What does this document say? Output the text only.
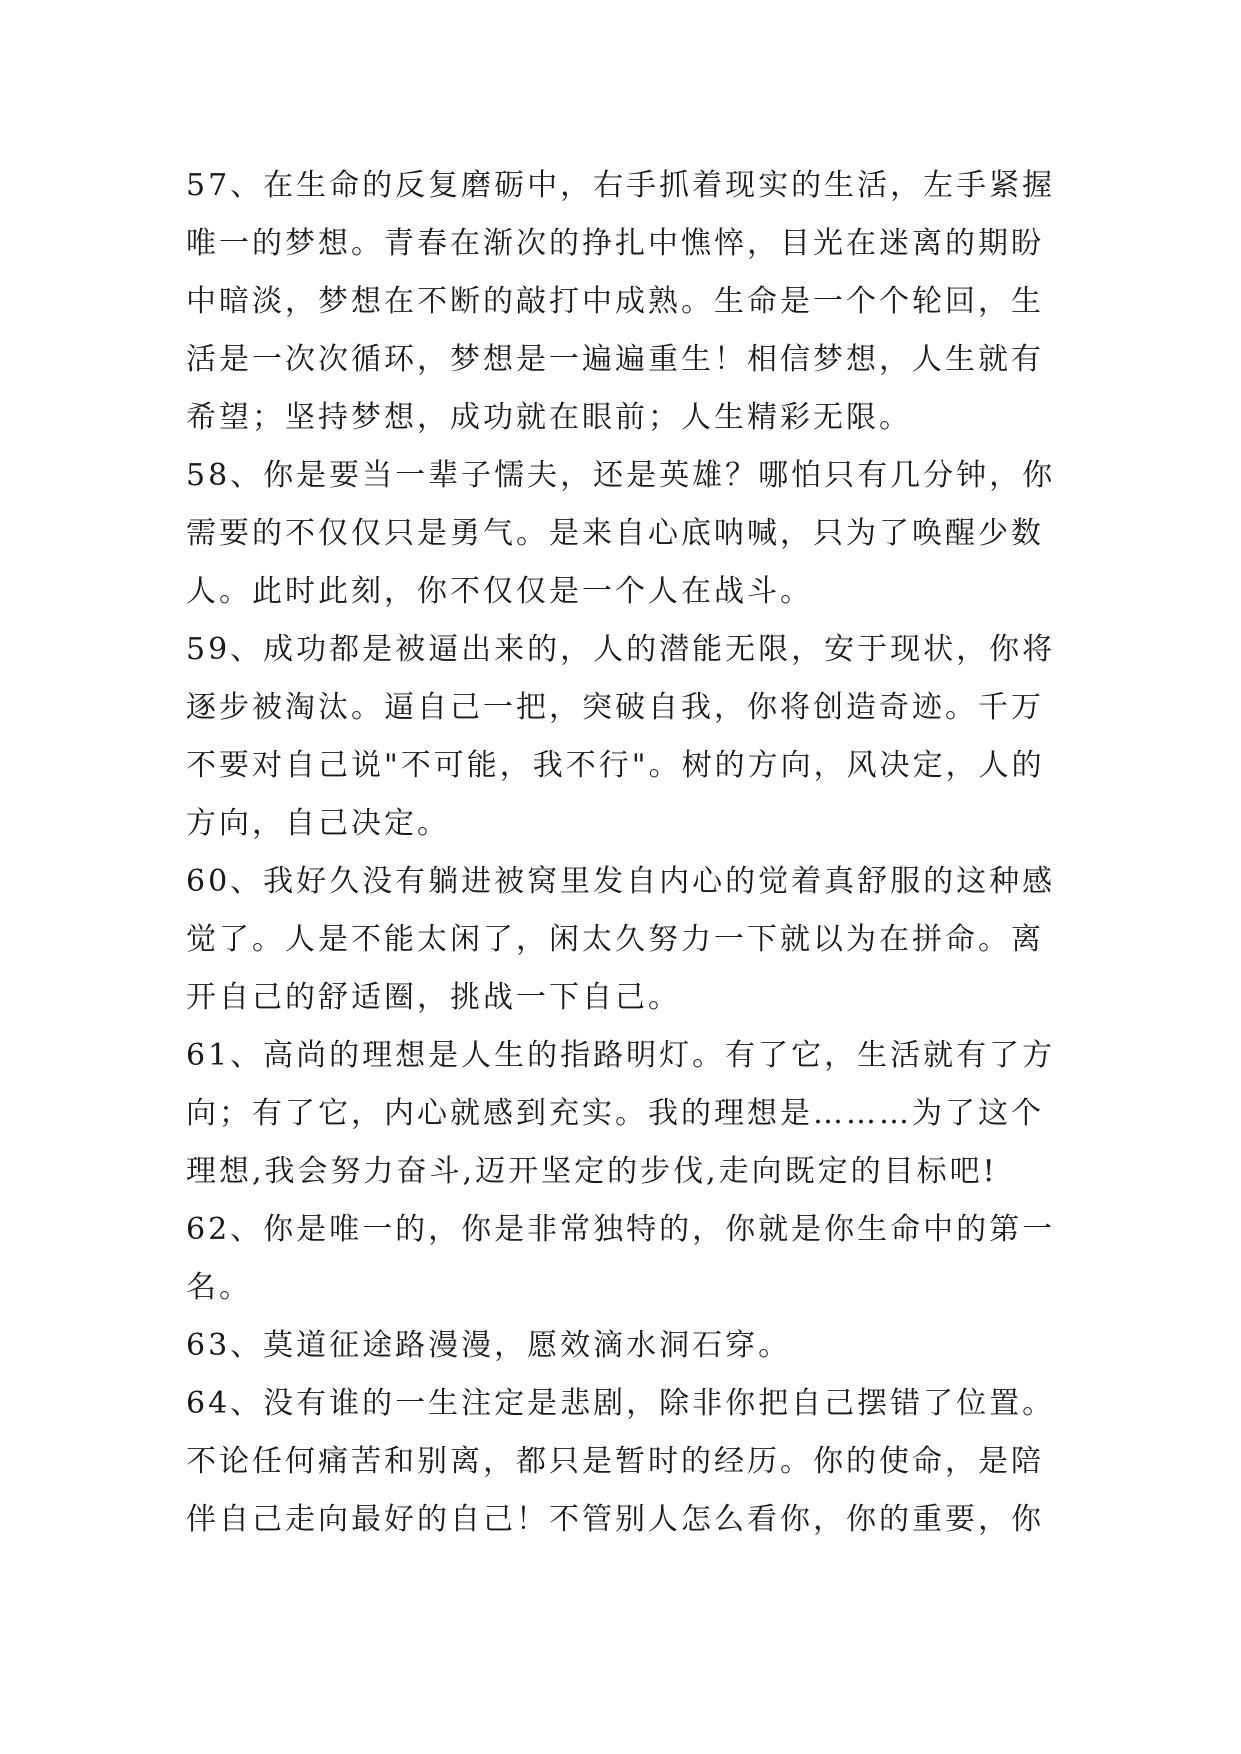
57、在生命的反复磨砺中，右手抓着现实的生活，左手紧握
唯一的梦想。青春在渐次的挣扎中憔悴，目光在迷离的期盼
中暗淡，梦想在不断的敲打中成熟。生命是一个个轮回，生
活是一次次循环，梦想是一遍遍重生！相信梦想，人生就有
希望；坚持梦想，成功就在眼前；人生精彩无限。
58、你是要当一辈子懦夫，还是英雄？哪怕只有几分钟，你
需要的不仅仅只是勇气。是来自心底呐喊，只为了唤醒少数
人。此时此刻，你不仅仅是一个人在战斗。
59、成功都是被逼出来的，人的潜能无限，安于现状，你将
逐步被淘汰。逼自己一把，突破自我，你将创造奇迹。千万
不要对自己说"不可能，我不行"。树的方向，风决定，人的
方向，自己决定。
60、我好久没有躺进被窝里发自内心的觉着真舒服的这种感
觉了。人是不能太闲了，闲太久努力一下就以为在拼命。离
开自己的舒适圈，挑战一下自己。
61、高尚的理想是人生的指路明灯。有了它，生活就有了方
向；有了它，内心就感到充实。我的理想是………为了这个
理想,我会努力奋斗,迈开坚定的步伐,走向既定的目标吧!
62、你是唯一的，你是非常独特的，你就是你生命中的第一
名。
63、莫道征途路漫漫，愿效滴水洞石穿。
64、没有谁的一生注定是悲剧，除非你把自己摆错了位置。
不论任何痛苦和别离，都只是暂时的经历。你的使命，是陪
伴自己走向最好的自己！不管别人怎么看你，你的重要，你
